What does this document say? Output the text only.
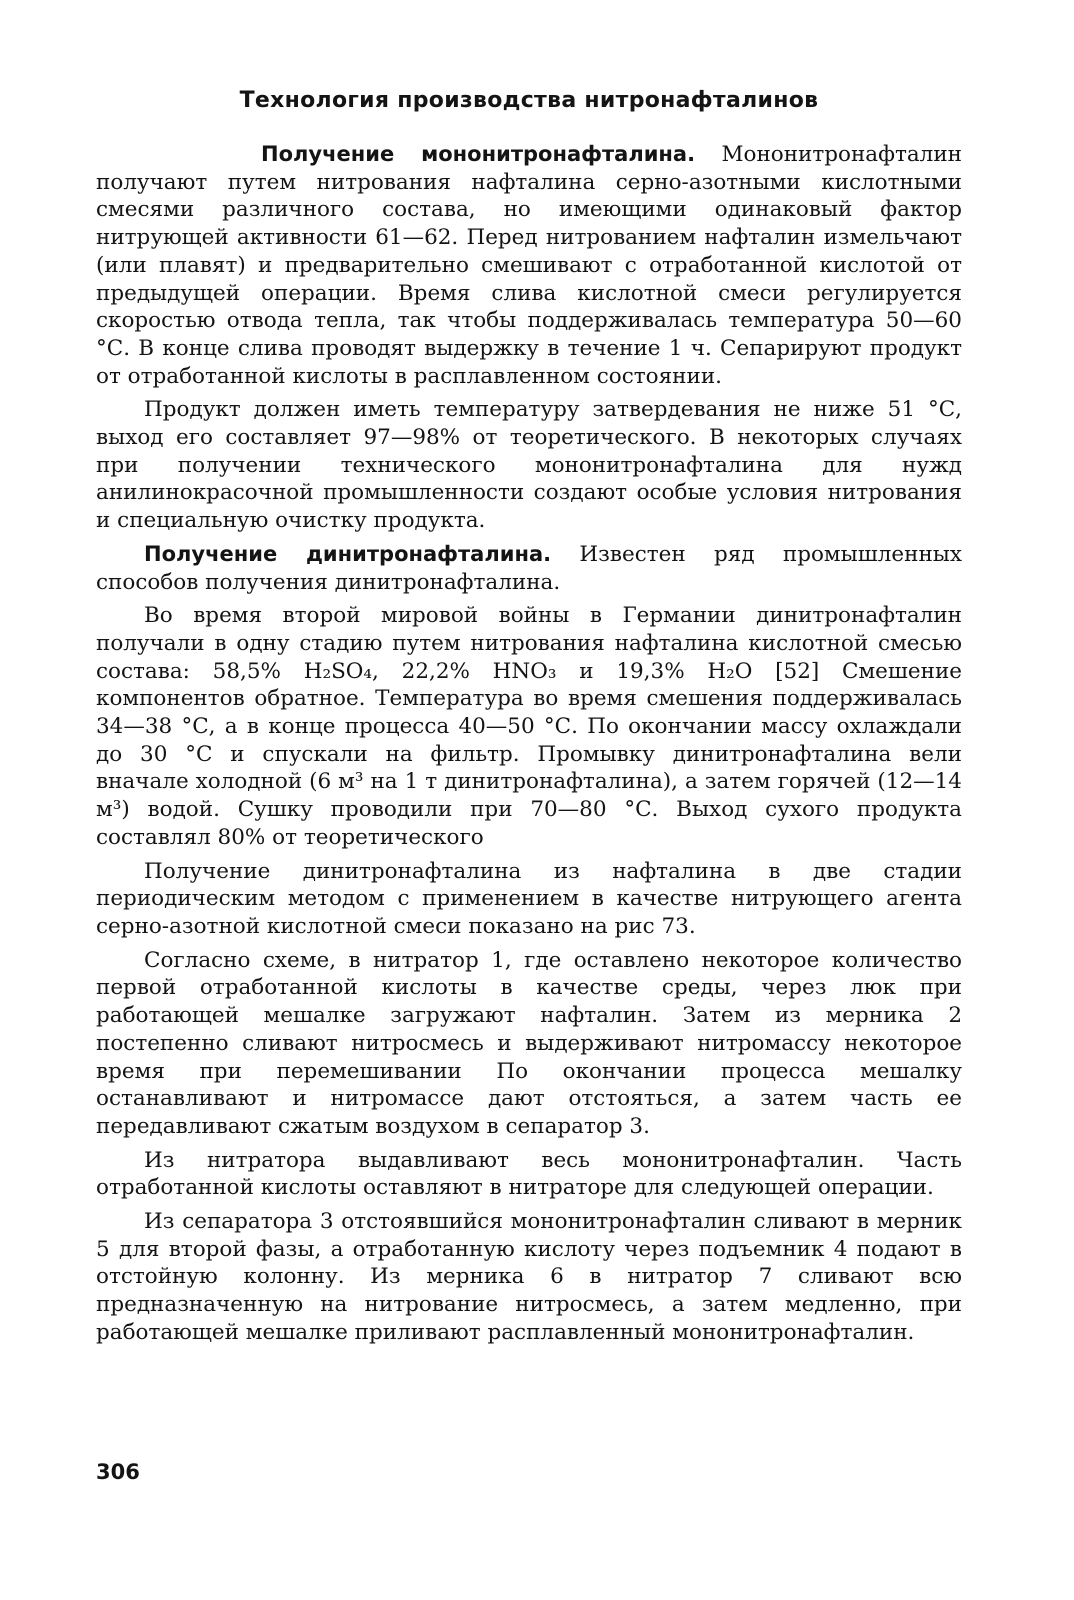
Технология производства нитронафталинов

Получение мононитронафталина. Мононитронафталин получают путем нитрования нафталина серно-азотными кислотными смесями различного состава, но имеющими одинаковый фактор нитрующей активности 61—62. Перед нитрованием нафталин измельчают (или плавят) и предварительно смешивают с отработанной кислотой от предыдущей операции. Время слива кислотной смеси регулируется скоростью отвода тепла, так чтобы поддерживалась температура 50—60 °С. В конце слива проводят выдержку в течение 1 ч. Сепарируют продукт от отработанной кислоты в расплавленном состоянии.

Продукт должен иметь температуру затвердевания не ниже 51 °С, выход его составляет 97—98% от теоретического. В некоторых случаях при получении технического мононитронафталина для нужд анилинокрасочной промышленности создают особые условия нитрования и специальную очистку продукта.

Получение динитронафталина. Известен ряд промышленных способов получения динитронафталина.

Во время второй мировой войны в Германии динитронафталин получали в одну стадию путем нитрования нафталина кислотной смесью состава: 58,5% H₂SO₄, 22,2% HNO₃ и 19,3% H₂O [52] Смешение компонентов обратное. Температура во время смешения поддерживалась 34—38 °С, а в конце процесса 40—50 °С. По окончании массу охлаждали до 30 °С и спускали на фильтр. Промывку динитронафталина вели вначале холодной (6 м³ на 1 т динитронафталина), а затем горячей (12—14 м³) водой. Сушку проводили при 70—80 °С. Выход сухого продукта составлял 80% от теоретического

Получение динитронафталина из нафталина в две стадии периодическим методом с применением в качестве нитрующего агента серно-азотной кислотной смеси показано на рис 73.

Согласно схеме, в нитратор 1, где оставлено некоторое количество первой отработанной кислоты в качестве среды, через люк при работающей мешалке загружают нафталин. Затем из мерника 2 постепенно сливают нитросмесь и выдерживают нитромассу некоторое время при перемешивании По окончании процесса мешалку останавливают и нитромассе дают отстояться, а затем часть ее передавливают сжатым воздухом в сепаратор 3.

Из нитратора выдавливают весь мононитронафталин. Часть отработанной кислоты оставляют в нитраторе для следующей операции.

Из сепаратора 3 отстоявшийся мононитронафталин сливают в мерник 5 для второй фазы, а отработанную кислоту через подъемник 4 подают в отстойную колонну. Из мерника 6 в нитратор 7 сливают всю предназначенную на нитрование нитросмесь, а затем медленно, при работающей мешалке приливают расплавленный мононитронафталин.

306
